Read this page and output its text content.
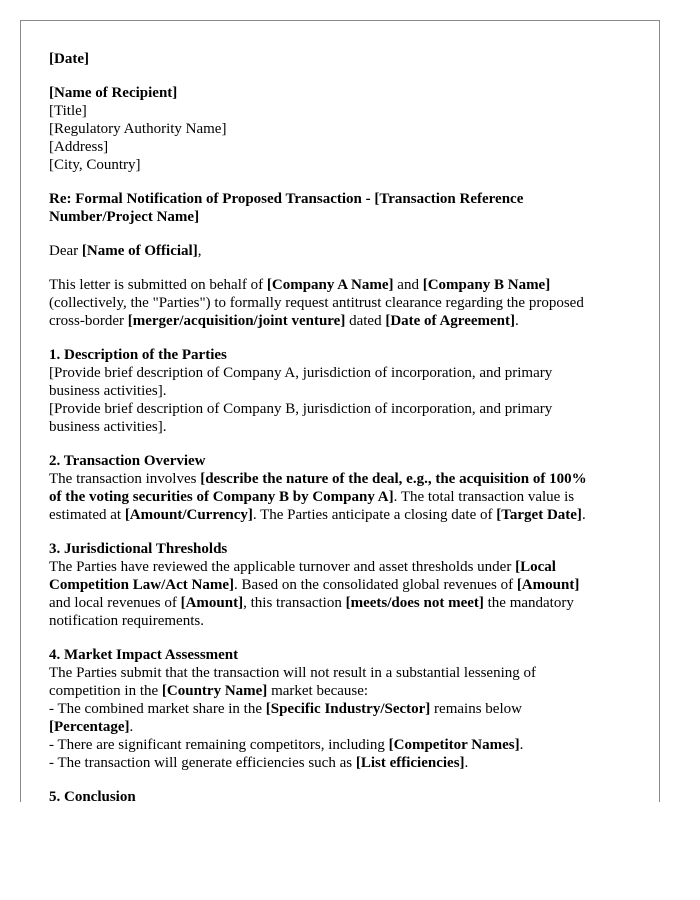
[Date]
[Name of Recipient]
[Title]
[Regulatory Authority Name]
[Address]
[City, Country]
Re: Formal Notification of Proposed Transaction - [Transaction Reference
Number/Project Name]
Dear [Name of Official],
This letter is submitted on behalf of [Company A Name] and [Company B Name]
(collectively, the "Parties") to formally request antitrust clearance regarding the proposed
cross-border [merger/acquisition/joint venture] dated [Date of Agreement].
1. Description of the Parties
[Provide brief description of Company A, jurisdiction of incorporation, and primary
business activities].
[Provide brief description of Company B, jurisdiction of incorporation, and primary
business activities].
2. Transaction Overview
The transaction involves [describe the nature of the deal, e.g., the acquisition of 100%
of the voting securities of Company B by Company A]. The total transaction value is
estimated at [Amount/Currency]. The Parties anticipate a closing date of [Target Date].
3. Jurisdictional Thresholds
The Parties have reviewed the applicable turnover and asset thresholds under [Local
Competition Law/Act Name]. Based on the consolidated global revenues of [Amount]
and local revenues of [Amount], this transaction [meets/does not meet] the mandatory
notification requirements.
4. Market Impact Assessment
The Parties submit that the transaction will not result in a substantial lessening of
competition in the [Country Name] market because:
- The combined market share in the [Specific Industry/Sector] remains below
[Percentage].
- There are significant remaining competitors, including [Competitor Names].
- The transaction will generate efficiencies such as [List efficiencies].
5. Conclusion
